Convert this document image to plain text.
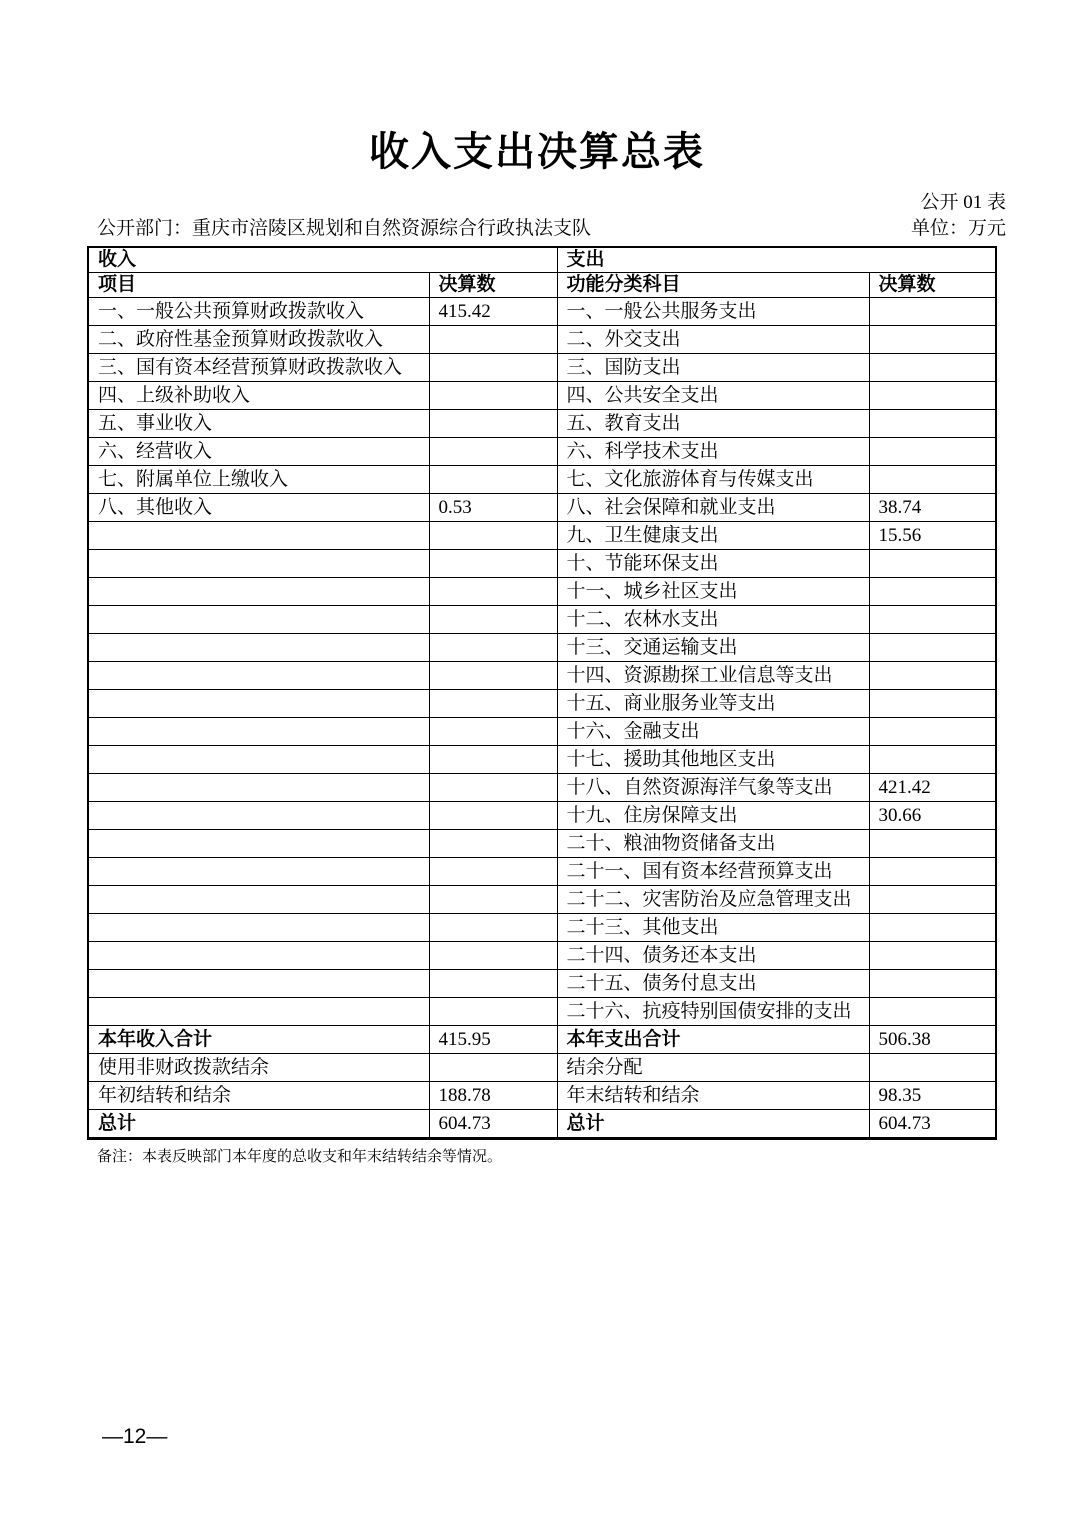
收入支出决算总表
公开 01 表
公开部门：重庆市涪陵区规划和自然资源综合行政执法支队	单位：万元
收入		支出	
项目	决算数	功能分类科目	决算数
一、一般公共预算财政拨款收入	415.42	一、一般公共服务支出	
二、政府性基金预算财政拨款收入		二、外交支出	
三、国有资本经营预算财政拨款收入		三、国防支出	
四、上级补助收入		四、公共安全支出	
五、事业收入		五、教育支出	
六、经营收入		六、科学技术支出	
七、附属单位上缴收入		七、文化旅游体育与传媒支出	
八、其他收入	0.53	八、社会保障和就业支出	38.74
		九、卫生健康支出	15.56
		十、节能环保支出	
		十一、城乡社区支出	
		十二、农林水支出	
		十三、交通运输支出	
		十四、资源勘探工业信息等支出	
		十五、商业服务业等支出	
		十六、金融支出	
		十七、援助其他地区支出	
		十八、自然资源海洋气象等支出	421.42
		十九、住房保障支出	30.66
		二十、粮油物资储备支出	
		二十一、国有资本经营预算支出	
		二十二、灾害防治及应急管理支出	
		二十三、其他支出	
		二十四、债务还本支出	
		二十五、债务付息支出	
		二十六、抗疫特别国债安排的支出	
本年收入合计	415.95	本年支出合计	506.38
使用非财政拨款结余		结余分配	
年初结转和结余	188.78	年末结转和结余	98.35
总计	604.73	总计	604.73
备注：本表反映部门本年度的总收支和年末结转结余等情况。
—12—
